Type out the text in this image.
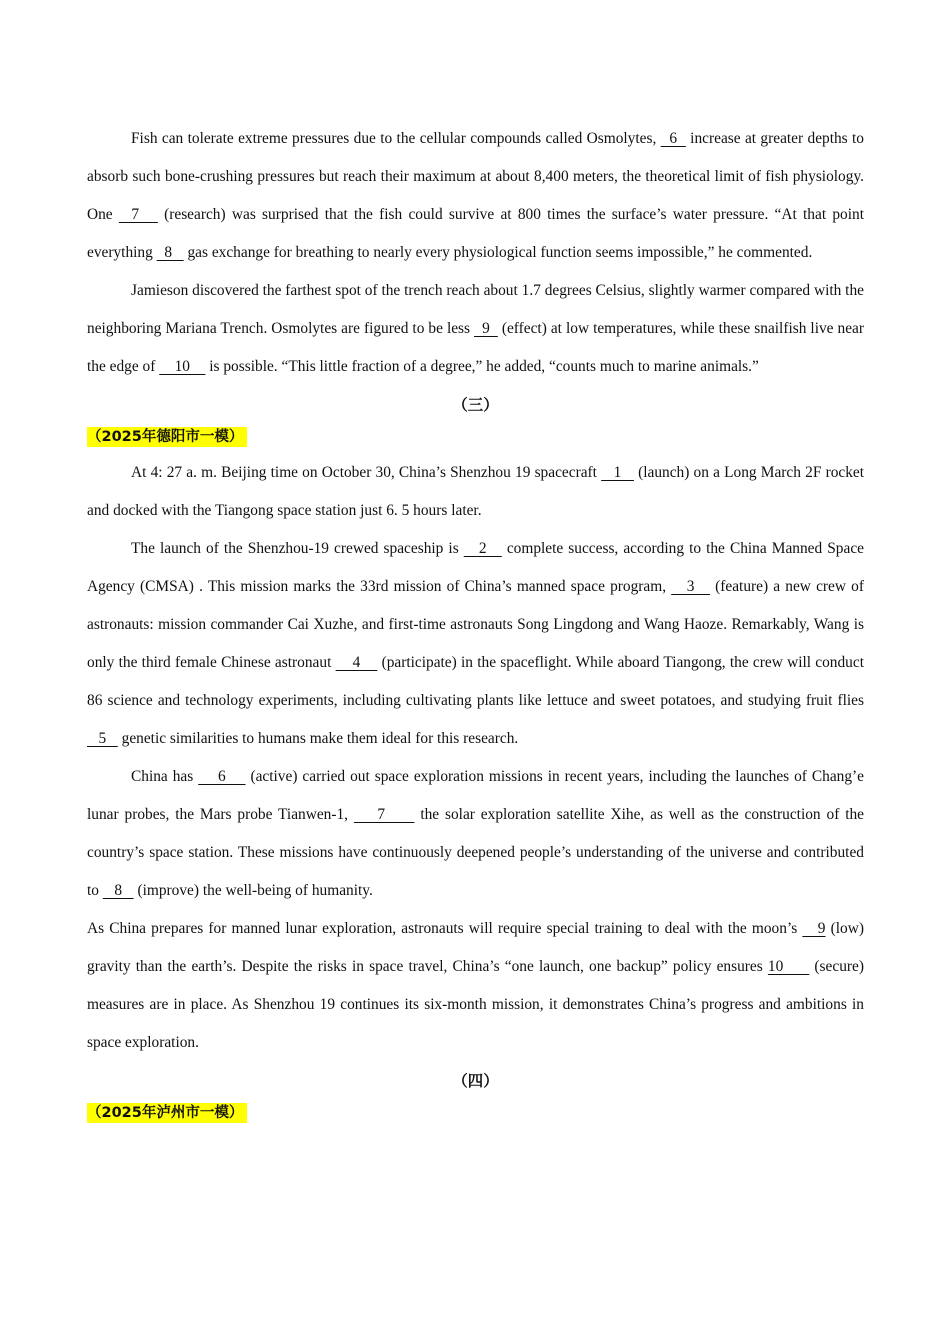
Fish can tolerate extreme pressures due to the cellular compounds called Osmolytes,   6   increase at greater depths to absorb such bone-crushing pressures but reach their maximum at about 8,400 meters, the theoretical limit of fish physiology. One   7    (research) was surprised that the fish could survive at 800 times the surface’s water pressure. “At that point everything   8    gas exchange for breathing to nearly every physiological function seems impossible,” he commented.

Jamieson discovered the farthest spot of the trench reach about 1.7 degrees Celsius, slightly warmer compared with the neighboring Mariana Trench. Osmolytes are figured to be less   9   (effect) at low temperatures, while these snailfish live near the edge of     10     is possible. “This little fraction of a degree,” he added, “counts much to marine animals.”

（三）
（2025年德阳市一模）

At 4: 27 a. m. Beijing time on October 30, China’s Shenzhou 19 spacecraft    1    (launch) on a Long March 2F rocket and docked with the Tiangong space station just 6. 5 hours later.

The launch of the Shenzhou-19 crewed spaceship is    2    complete success, according to the China Manned Space Agency (CMSA) . This mission marks the 33rd mission of China’s manned space program,    3    (feature) a new crew of astronauts: mission commander Cai Xuzhe, and first-time astronauts Song Lingdong and Wang Haoze. Remarkably, Wang is only the third female Chinese astronaut     4     (participate) in the spaceflight. While aboard Tiangong, the crew will conduct 86 science and technology experiments, including cultivating plants like lettuce and sweet potatoes, and studying fruit flies    5    genetic similarities to humans make them ideal for this research.

China has     6     (active) carried out space exploration missions in recent years, including the launches of Chang’e lunar probes, the Mars probe Tianwen-1,     7      the solar exploration satellite Xihe, as well as the construction of the country’s space station. These missions have continuously deepened people’s understanding of the universe and contributed to    8    (improve) the well-being of humanity.

As China prepares for manned lunar exploration, astronauts will require special training to deal with the moon’s    9 (low) gravity than the earth’s. Despite the risks in space travel, China’s “one launch, one backup” policy ensures 10      (secure) measures are in place. As Shenzhou 19 continues its six-month mission, it demonstrates China’s progress and ambitions in space exploration.

（四）
（2025年泸州市一模）
